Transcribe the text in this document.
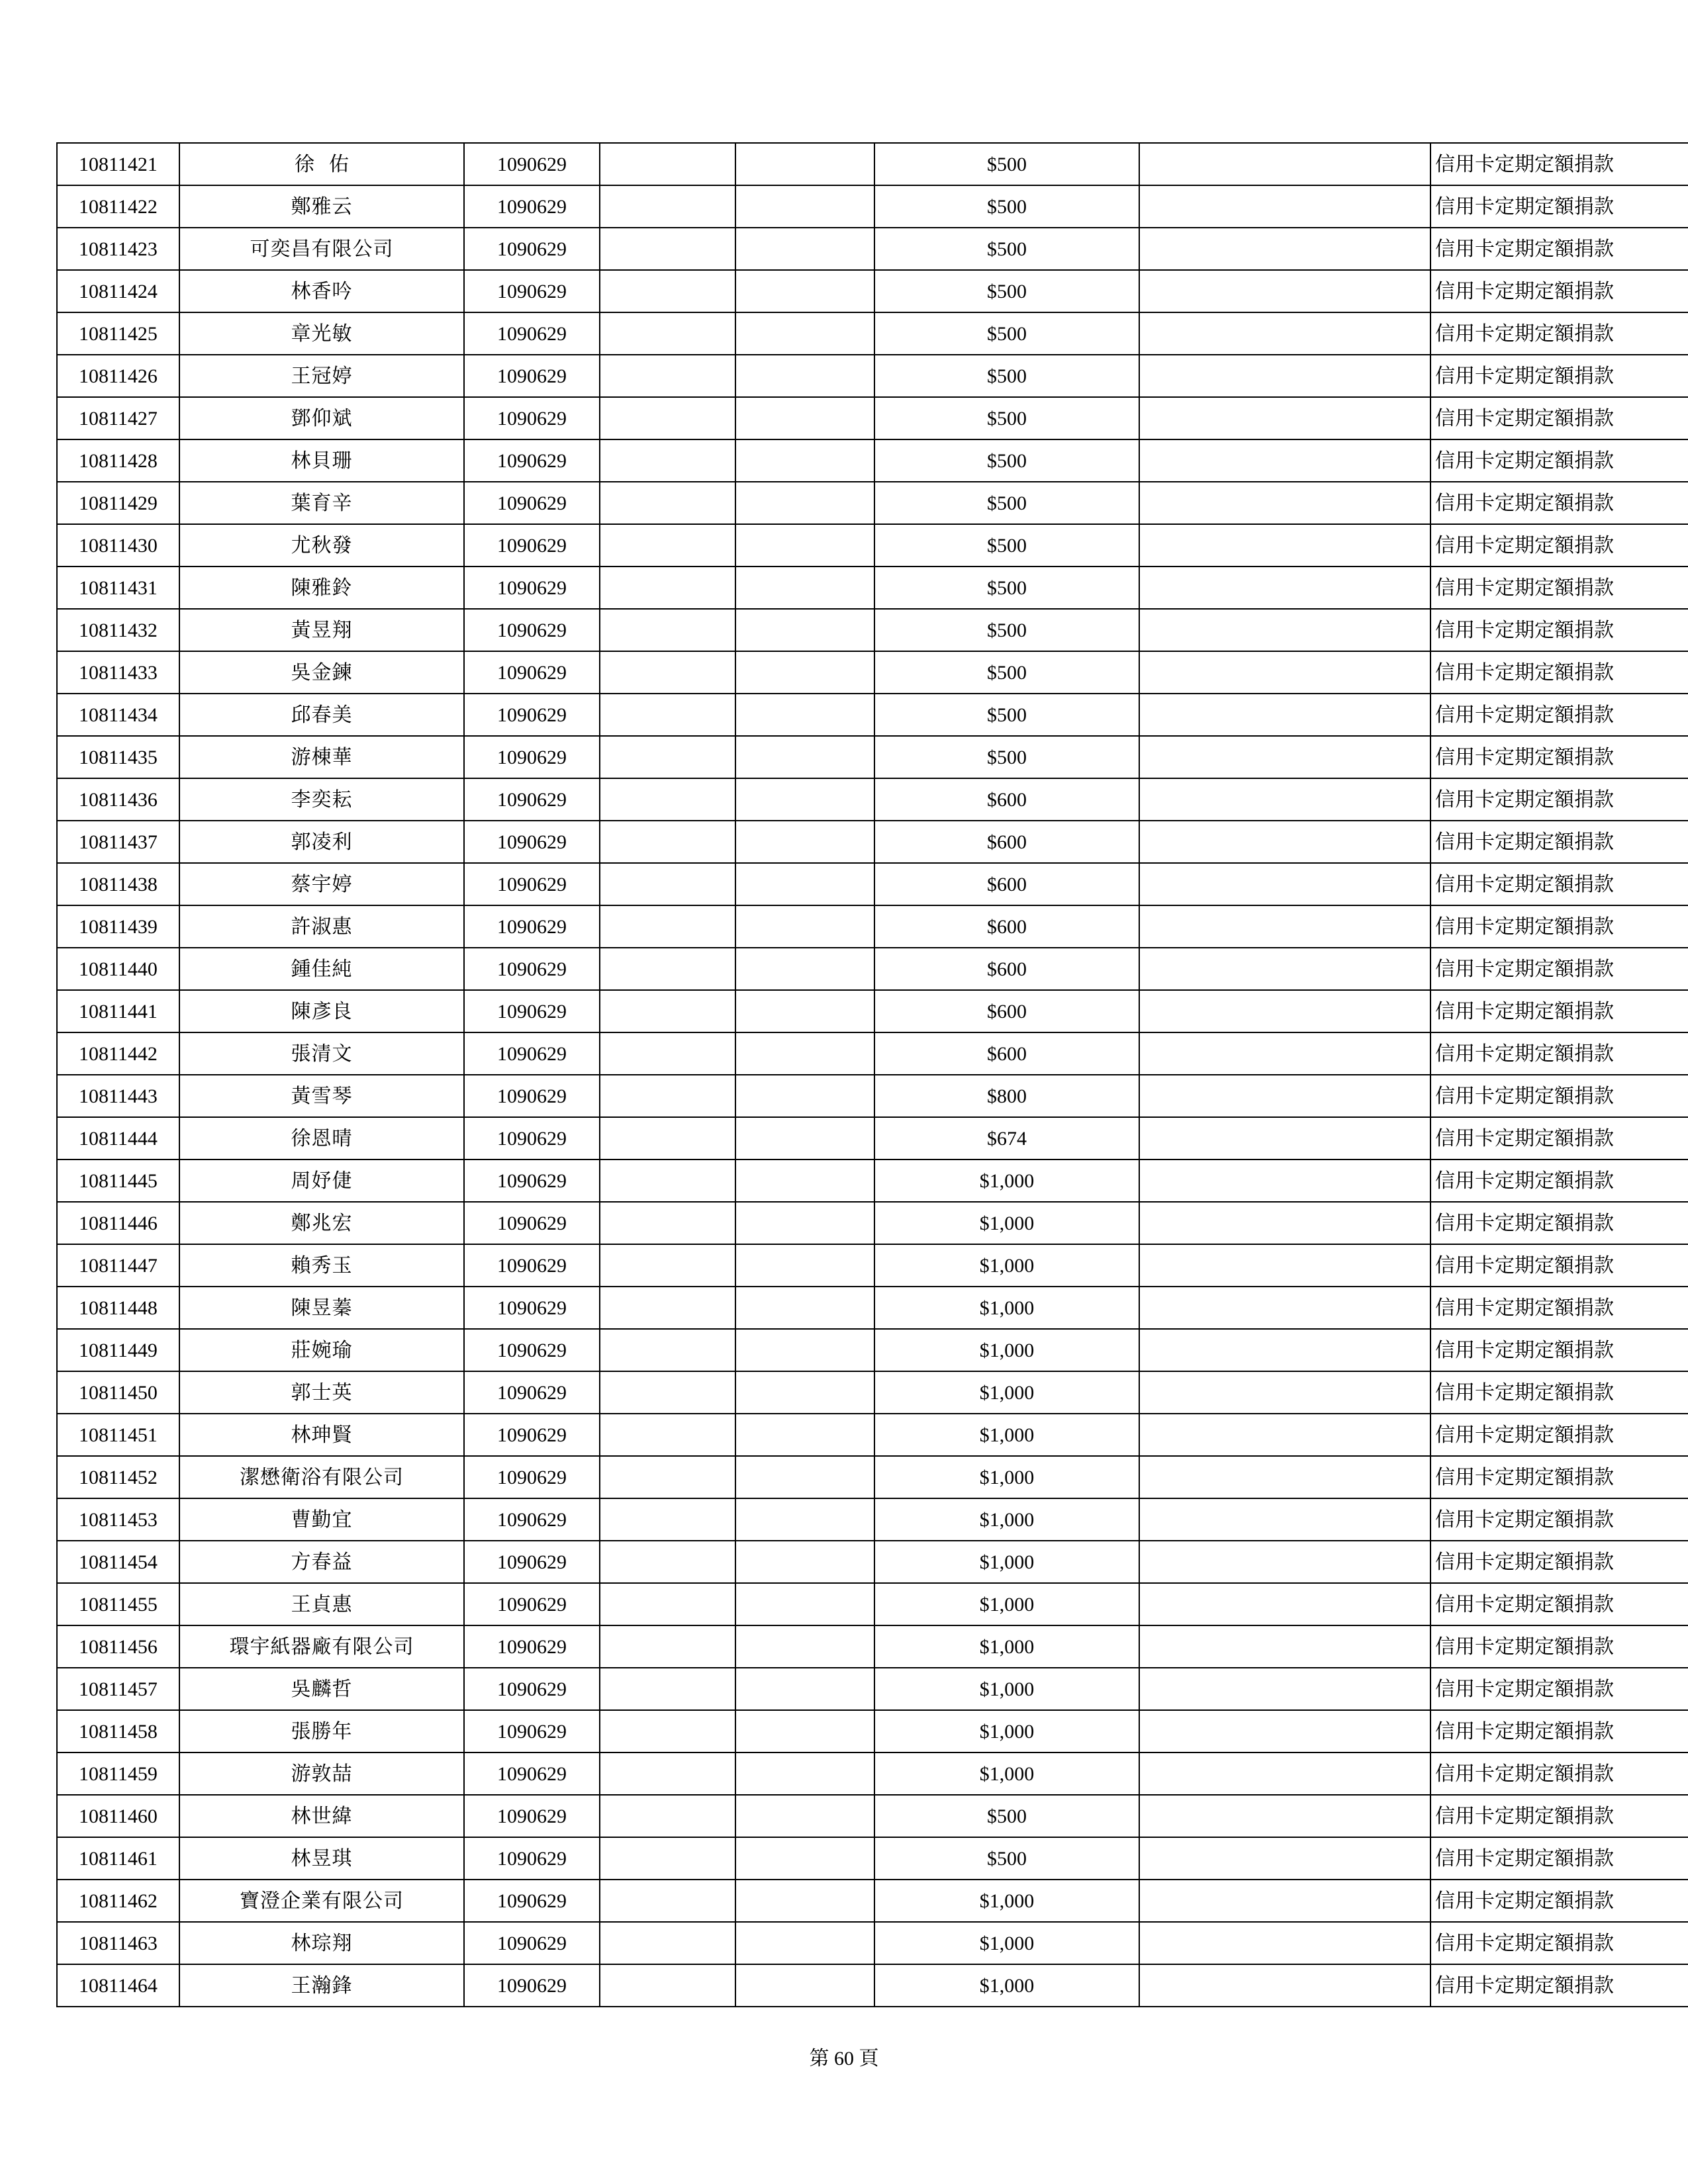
10811421	徐佑	1090629			$500		信用卡定期定額捐款
10811422	鄭雅云	1090629			$500		信用卡定期定額捐款
10811423	可奕昌有限公司	1090629			$500		信用卡定期定額捐款
10811424	林香吟	1090629			$500		信用卡定期定額捐款
10811425	章光敏	1090629			$500		信用卡定期定額捐款
10811426	王冠婷	1090629			$500		信用卡定期定額捐款
10811427	鄧仰斌	1090629			$500		信用卡定期定額捐款
10811428	林貝珊	1090629			$500		信用卡定期定額捐款
10811429	葉育辛	1090629			$500		信用卡定期定額捐款
10811430	尤秋發	1090629			$500		信用卡定期定額捐款
10811431	陳雅鈴	1090629			$500		信用卡定期定額捐款
10811432	黃昱翔	1090629			$500		信用卡定期定額捐款
10811433	吳金鍊	1090629			$500		信用卡定期定額捐款
10811434	邱春美	1090629			$500		信用卡定期定額捐款
10811435	游棟華	1090629			$500		信用卡定期定額捐款
10811436	李奕耘	1090629			$600		信用卡定期定額捐款
10811437	郭凌利	1090629			$600		信用卡定期定額捐款
10811438	蔡宇婷	1090629			$600		信用卡定期定額捐款
10811439	許淑惠	1090629			$600		信用卡定期定額捐款
10811440	鍾佳純	1090629			$600		信用卡定期定額捐款
10811441	陳彥良	1090629			$600		信用卡定期定額捐款
10811442	張清文	1090629			$600		信用卡定期定額捐款
10811443	黃雪琴	1090629			$800		信用卡定期定額捐款
10811444	徐恩晴	1090629			$674		信用卡定期定額捐款
10811445	周妤倢	1090629			$1,000		信用卡定期定額捐款
10811446	鄭兆宏	1090629			$1,000		信用卡定期定額捐款
10811447	賴秀玉	1090629			$1,000		信用卡定期定額捐款
10811448	陳昱蓁	1090629			$1,000		信用卡定期定額捐款
10811449	莊婉瑜	1090629			$1,000		信用卡定期定額捐款
10811450	郭士英	1090629			$1,000		信用卡定期定額捐款
10811451	林珅賢	1090629			$1,000		信用卡定期定額捐款
10811452	潔懋衛浴有限公司	1090629			$1,000		信用卡定期定額捐款
10811453	曹勤宜	1090629			$1,000		信用卡定期定額捐款
10811454	方春益	1090629			$1,000		信用卡定期定額捐款
10811455	王貞惠	1090629			$1,000		信用卡定期定額捐款
10811456	環宇紙器廠有限公司	1090629			$1,000		信用卡定期定額捐款
10811457	吳麟哲	1090629			$1,000		信用卡定期定額捐款
10811458	張勝年	1090629			$1,000		信用卡定期定額捐款
10811459	游敦喆	1090629			$1,000		信用卡定期定額捐款
10811460	林世緯	1090629			$500		信用卡定期定額捐款
10811461	林昱琪	1090629			$500		信用卡定期定額捐款
10811462	寶澄企業有限公司	1090629			$1,000		信用卡定期定額捐款
10811463	林琮翔	1090629			$1,000		信用卡定期定額捐款
10811464	王瀚鋒	1090629			$1,000		信用卡定期定額捐款
第 60 頁
